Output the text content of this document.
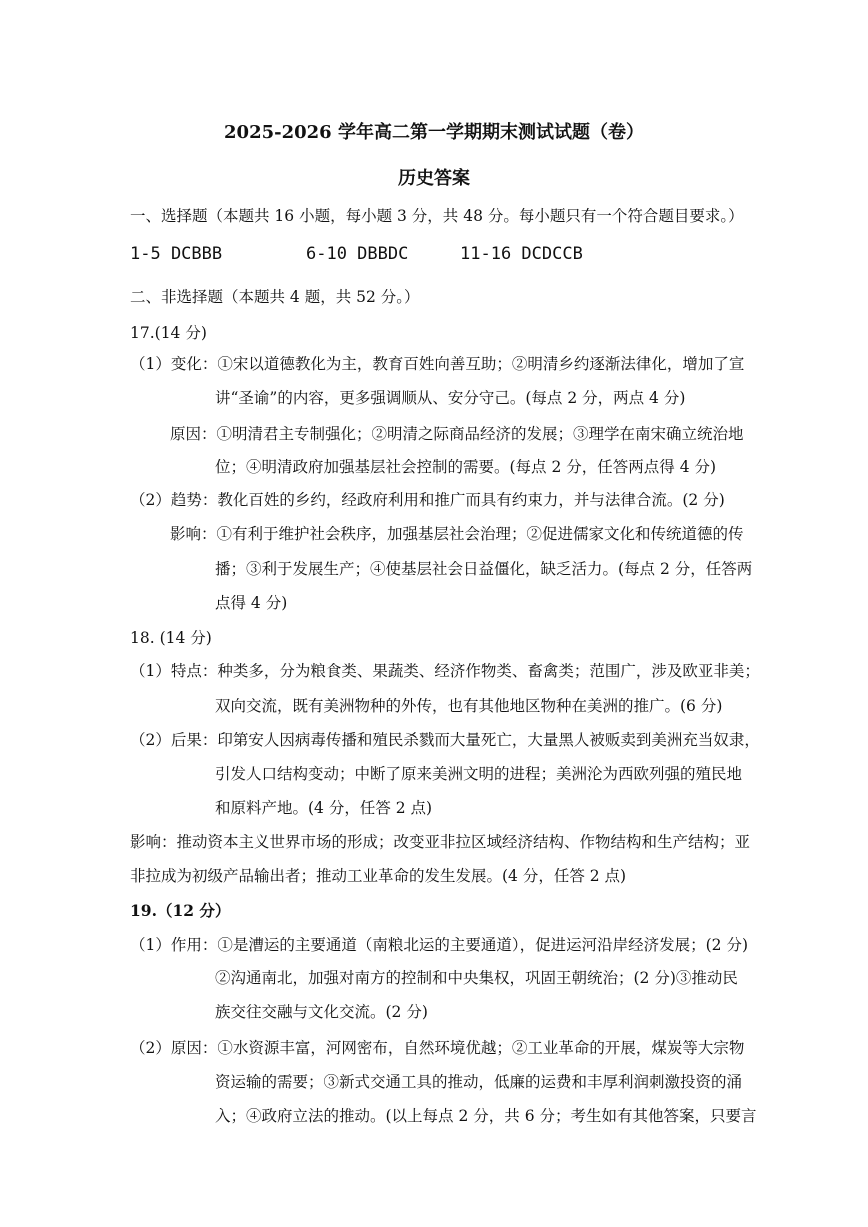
2025-2026 学年高二第一学期期末测试试题（卷）
历史答案
一、选择题（本题共 16 小题，每小题 3 分，共 48 分。每小题只有一个符合题目要求。）
1-5 DCBBB	6-10 DBBDC	11-16 DCDCCB
二、非选择题（本题共 4 题，共 52 分。）
17.(14 分)
（1）变化：①宋以道德教化为主，教育百姓向善互助；②明清乡约逐渐法律化，增加了宣
讲“圣谕”的内容，更多强调顺从、安分守己。(每点 2 分，两点 4 分)
原因：①明清君主专制强化；②明清之际商品经济的发展；③理学在南宋确立统治地
位；④明清政府加强基层社会控制的需要。(每点 2 分，任答两点得 4 分)
（2）趋势：教化百姓的乡约，经政府利用和推广而具有约束力，并与法律合流。(2 分)
影响：①有利于维护社会秩序，加强基层社会治理；②促进儒家文化和传统道德的传
播；③利于发展生产；④使基层社会日益僵化，缺乏活力。(每点 2 分，任答两
点得 4 分)
18. (14 分)
（1）特点：种类多，分为粮食类、果蔬类、经济作物类、畜禽类；范围广，涉及欧亚非美；
双向交流，既有美洲物种的外传，也有其他地区物种在美洲的推广。(6 分)
（2）后果：印第安人因病毒传播和殖民杀戮而大量死亡，大量黑人被贩卖到美洲充当奴隶，
引发人口结构变动；中断了原来美洲文明的进程；美洲沦为西欧列强的殖民地
和原料产地。(4 分，任答 2 点)
影响：推动资本主义世界市场的形成；改变亚非拉区域经济结构、作物结构和生产结构；亚
非拉成为初级产品输出者；推动工业革命的发生发展。(4 分，任答 2 点)
19.（12 分）
（1）作用：①是漕运的主要通道（南粮北运的主要通道），促进运河沿岸经济发展；(2 分)
②沟通南北，加强对南方的控制和中央集权，巩固王朝统治；(2 分)③推动民
族交往交融与文化交流。(2 分)
（2）原因：①水资源丰富，河网密布，自然环境优越；②工业革命的开展，煤炭等大宗物
资运输的需要；③新式交通工具的推动，低廉的运费和丰厚利润刺激投资的涌
入；④政府立法的推动。(以上每点 2 分，共 6 分；考生如有其他答案，只要言
